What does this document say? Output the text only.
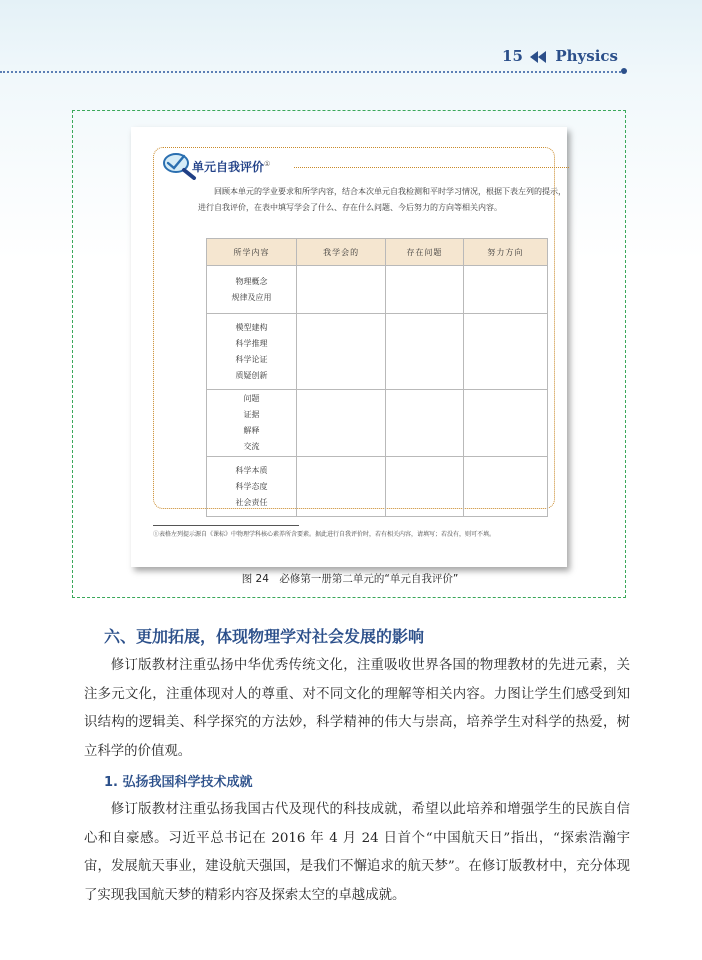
15 Physics
单元自我评价①
回顾本单元的学业要求和所学内容，结合本次单元自我检测和平时学习情况，根据下表左列的提示，进行自我评价，在表中填写学会了什么、存在什么问题、今后努力的方向等相关内容。
所学内容	我学会的	存在问题	努力方向

物理概念
规律及应用			

模型建构
科学推理
科学论证
质疑创新			

问题
证据
解释
交流			

科学本质
科学态度
社会责任			

①表格左列提示源自《课标》中物理学科核心素养所含要素。据此进行自我评价时，若有相关内容，请填写；若没有，则可不填。
图 24　必修第一册第二单元的“单元自我评价”
六、更加拓展，体现物理学对社会发展的影响
修订版教材注重弘扬中华优秀传统文化，注重吸收世界各国的物理教材的先进元素，关注多元文化，注重体现对人的尊重、对不同文化的理解等相关内容。力图让学生们感受到知识结构的逻辑美、科学探究的方法妙，科学精神的伟大与崇高，培养学生对科学的热爱，树立科学的价值观。
1. 弘扬我国科学技术成就
修订版教材注重弘扬我国古代及现代的科技成就，希望以此培养和增强学生的民族自信心和自豪感。习近平总书记在 2016 年 4 月 24 日首个“中国航天日”指出，“探索浩瀚宇宙，发展航天事业，建设航天强国，是我们不懈追求的航天梦”。在修订版教材中，充分体现了实现我国航天梦的精彩内容及探索太空的卓越成就。
